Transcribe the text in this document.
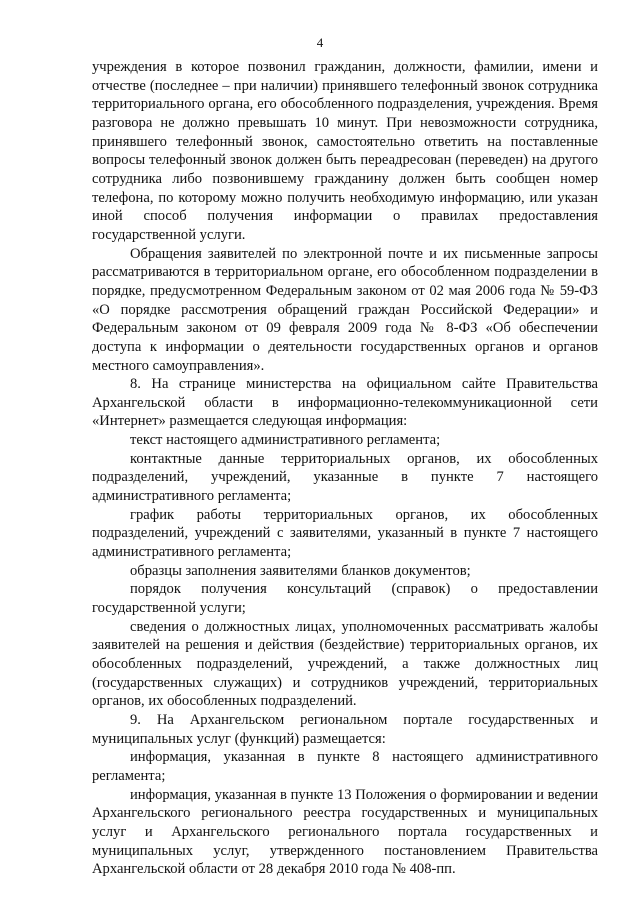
4

учреждения в которое позвонил гражданин, должности, фамилии, имени и отчестве (последнее – при наличии) принявшего телефонный звонок сотрудника территориального органа, его обособленного подразделения, учреждения. Время разговора не должно превышать 10 минут. При невозможности сотрудника, принявшего телефонный звонок, самостоятельно ответить на поставленные вопросы телефонный звонок должен быть переадресован (переведен) на другого сотрудника либо позвонившему гражданину должен быть сообщен номер телефона, по которому можно получить необходимую информацию, или указан иной способ получения информации о правилах предоставления государственной услуги.

Обращения заявителей по электронной почте и их письменные запросы рассматриваются в территориальном органе, его обособленном подразделении в порядке, предусмотренном Федеральным законом от 02 мая 2006 года № 59-ФЗ «О порядке рассмотрения обращений граждан Российской Федерации» и Федеральным законом от 09 февраля 2009 года № 8-ФЗ «Об обеспечении доступа к информации о деятельности государственных органов и органов местного самоуправления».

8. На странице министерства на официальном сайте Правительства Архангельской области в информационно-телекоммуникационной сети «Интернет» размещается следующая информация:

текст настоящего административного регламента;

контактные данные территориальных органов, их обособленных подразделений, учреждений, указанные в пункте 7 настоящего административного регламента;

график работы территориальных органов, их обособленных подразделений, учреждений с заявителями, указанный в пункте 7 настоящего административного регламента;

образцы заполнения заявителями бланков документов;

порядок получения консультаций (справок) о предоставлении государственной услуги;

сведения о должностных лицах, уполномоченных рассматривать жалобы заявителей на решения и действия (бездействие) территориальных органов, их обособленных подразделений, учреждений, а также должностных лиц (государственных служащих) и сотрудников учреждений, территориальных органов, их обособленных подразделений.

9. На Архангельском региональном портале государственных и муниципальных услуг (функций) размещается:

информация, указанная в пункте 8 настоящего административного регламента;

информация, указанная в пункте 13 Положения о формировании и ведении Архангельского регионального реестра государственных и муниципальных услуг и Архангельского регионального портала государственных и муниципальных услуг, утвержденного постановлением Правительства Архангельской области от 28 декабря 2010 года № 408-пп.
